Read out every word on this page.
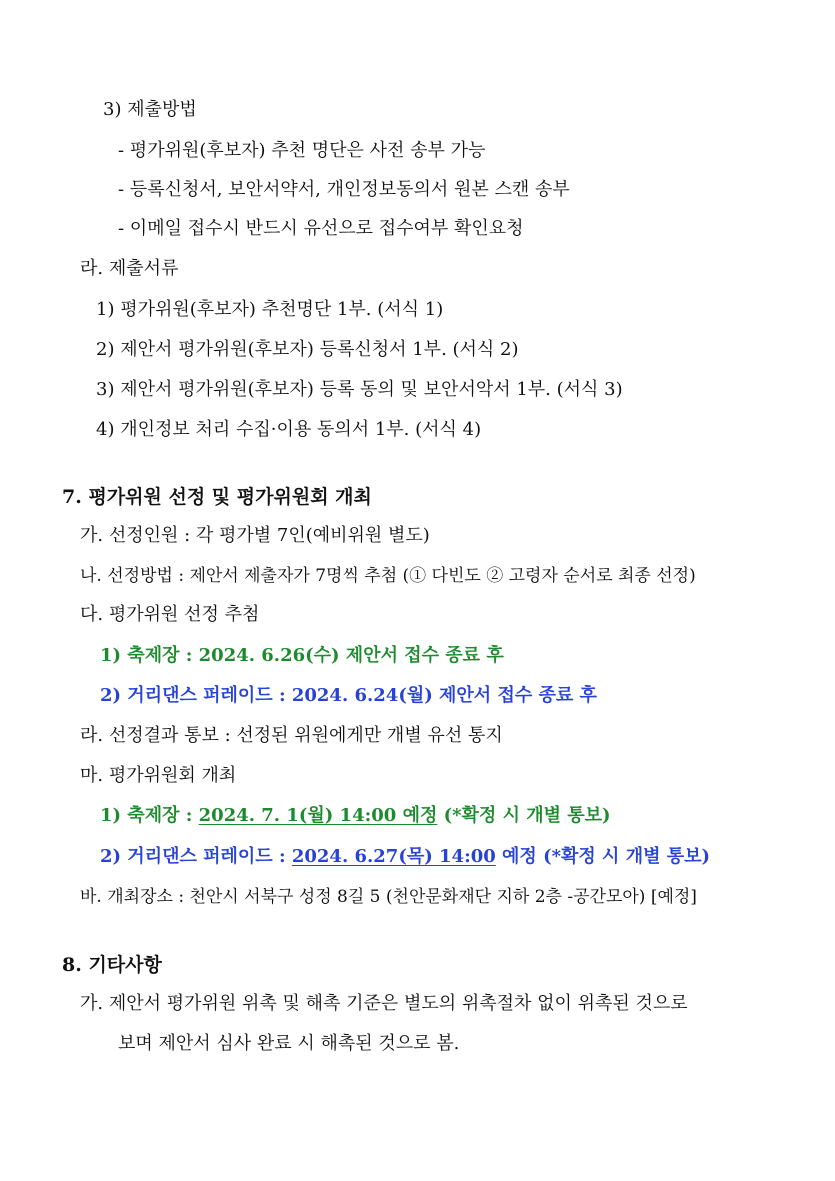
3) 제출방법
- 평가위원(후보자) 추천 명단은 사전 송부 가능
- 등록신청서, 보안서약서, 개인정보동의서 원본 스캔 송부
- 이메일 접수시 반드시 유선으로 접수여부 확인요청
라. 제출서류
1) 평가위원(후보자) 추천명단 1부. (서식 1)
2) 제안서 평가위원(후보자) 등록신청서 1부. (서식 2)
3) 제안서 평가위원(후보자) 등록 동의 및 보안서악서 1부. (서식 3)
4) 개인정보 처리 수집·이용 동의서 1부. (서식 4)
7. 평가위원 선정 및 평가위원회 개최
가. 선정인원 : 각 평가별 7인(예비위원 별도)
나. 선정방법 : 제안서 제출자가 7명씩 추첨 (① 다빈도 ② 고령자 순서로 최종 선정)
다. 평가위원 선정 추첨
1) 축제장 : 2024. 6.26(수) 제안서 접수 종료 후
2) 거리댄스 퍼레이드 : 2024. 6.24(월) 제안서 접수 종료 후
라. 선정결과 통보 : 선정된 위원에게만 개별 유선 통지
마. 평가위원회 개최
1) 축제장 : 2024. 7. 1(월) 14:00 예정 (*확정 시 개별 통보)
2) 거리댄스 퍼레이드 : 2024. 6.27(목) 14:00 예정 (*확정 시 개별 통보)
바. 개최장소 : 천안시 서북구 성정 8길 5 (천안문화재단 지하 2층 -공간모아) [예정]
8. 기타사항
가. 제안서 평가위원 위촉 및 해촉 기준은 별도의 위촉절차 없이 위촉된 것으로
보며 제안서 심사 완료 시 해촉된 것으로 봄.
